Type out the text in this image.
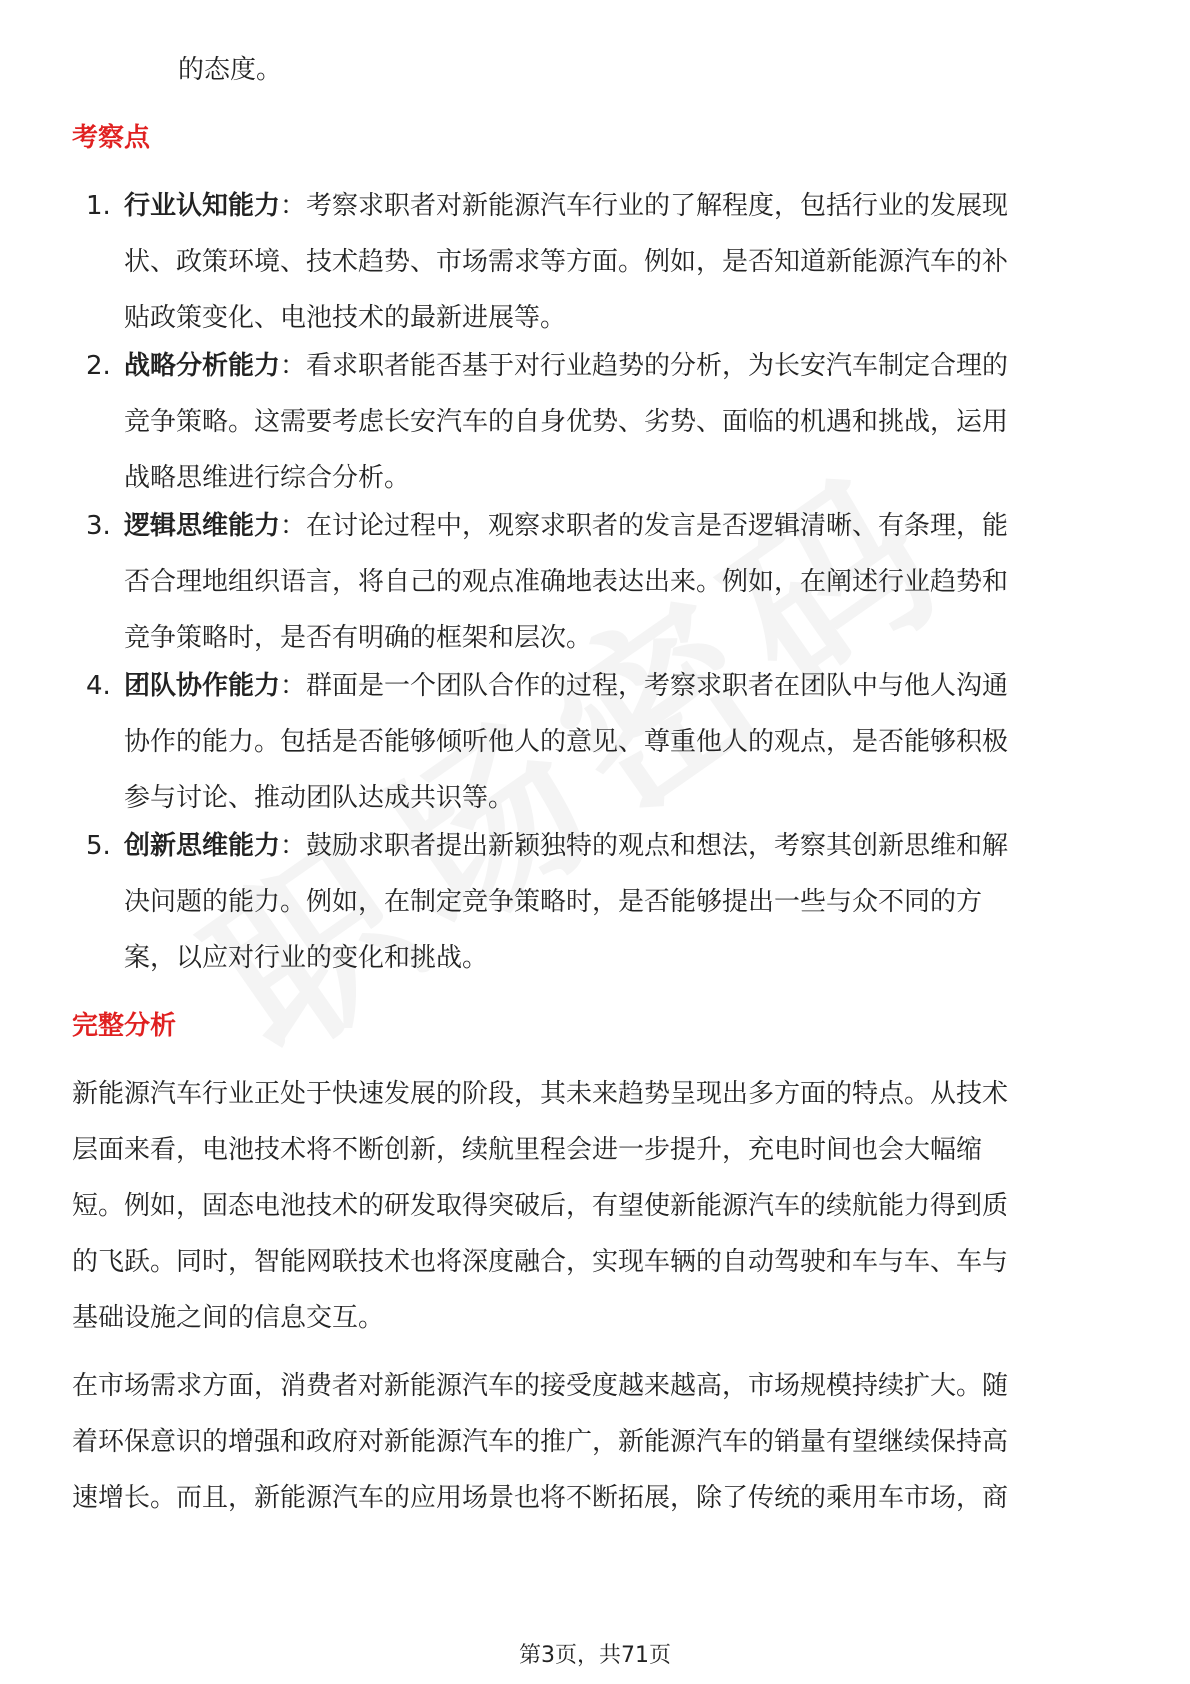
的态度。
考察点
1. 行业认知能力：考察求职者对新能源汽车行业的了解程度，包括行业的发展现
状、政策环境、技术趋势、市场需求等方面。例如，是否知道新能源汽车的补
贴政策变化、电池技术的最新进展等。
2. 战略分析能力：看求职者能否基于对行业趋势的分析，为长安汽车制定合理的
竞争策略。这需要考虑长安汽车的自身优势、劣势、面临的机遇和挑战，运用
战略思维进行综合分析。
3. 逻辑思维能力：在讨论过程中，观察求职者的发言是否逻辑清晰、有条理，能
否合理地组织语言，将自己的观点准确地表达出来。例如，在阐述行业趋势和
竞争策略时，是否有明确的框架和层次。
4. 团队协作能力：群面是一个团队合作的过程，考察求职者在团队中与他人沟通
协作的能力。包括是否能够倾听他人的意见、尊重他人的观点，是否能够积极
参与讨论、推动团队达成共识等。
5. 创新思维能力：鼓励求职者提出新颖独特的观点和想法，考察其创新思维和解
决问题的能力。例如，在制定竞争策略时，是否能够提出一些与众不同的方
案，以应对行业的变化和挑战。
完整分析
新能源汽车行业正处于快速发展的阶段，其未来趋势呈现出多方面的特点。从技术
层面来看，电池技术将不断创新，续航里程会进一步提升，充电时间也会大幅缩
短。例如，固态电池技术的研发取得突破后，有望使新能源汽车的续航能力得到质
的飞跃。同时，智能网联技术也将深度融合，实现车辆的自动驾驶和车与车、车与
基础设施之间的信息交互。
在市场需求方面，消费者对新能源汽车的接受度越来越高，市场规模持续扩大。随
着环保意识的增强和政府对新能源汽车的推广，新能源汽车的销量有望继续保持高
速增长。而且，新能源汽车的应用场景也将不断拓展，除了传统的乘用车市场，商
第3页，共71页
